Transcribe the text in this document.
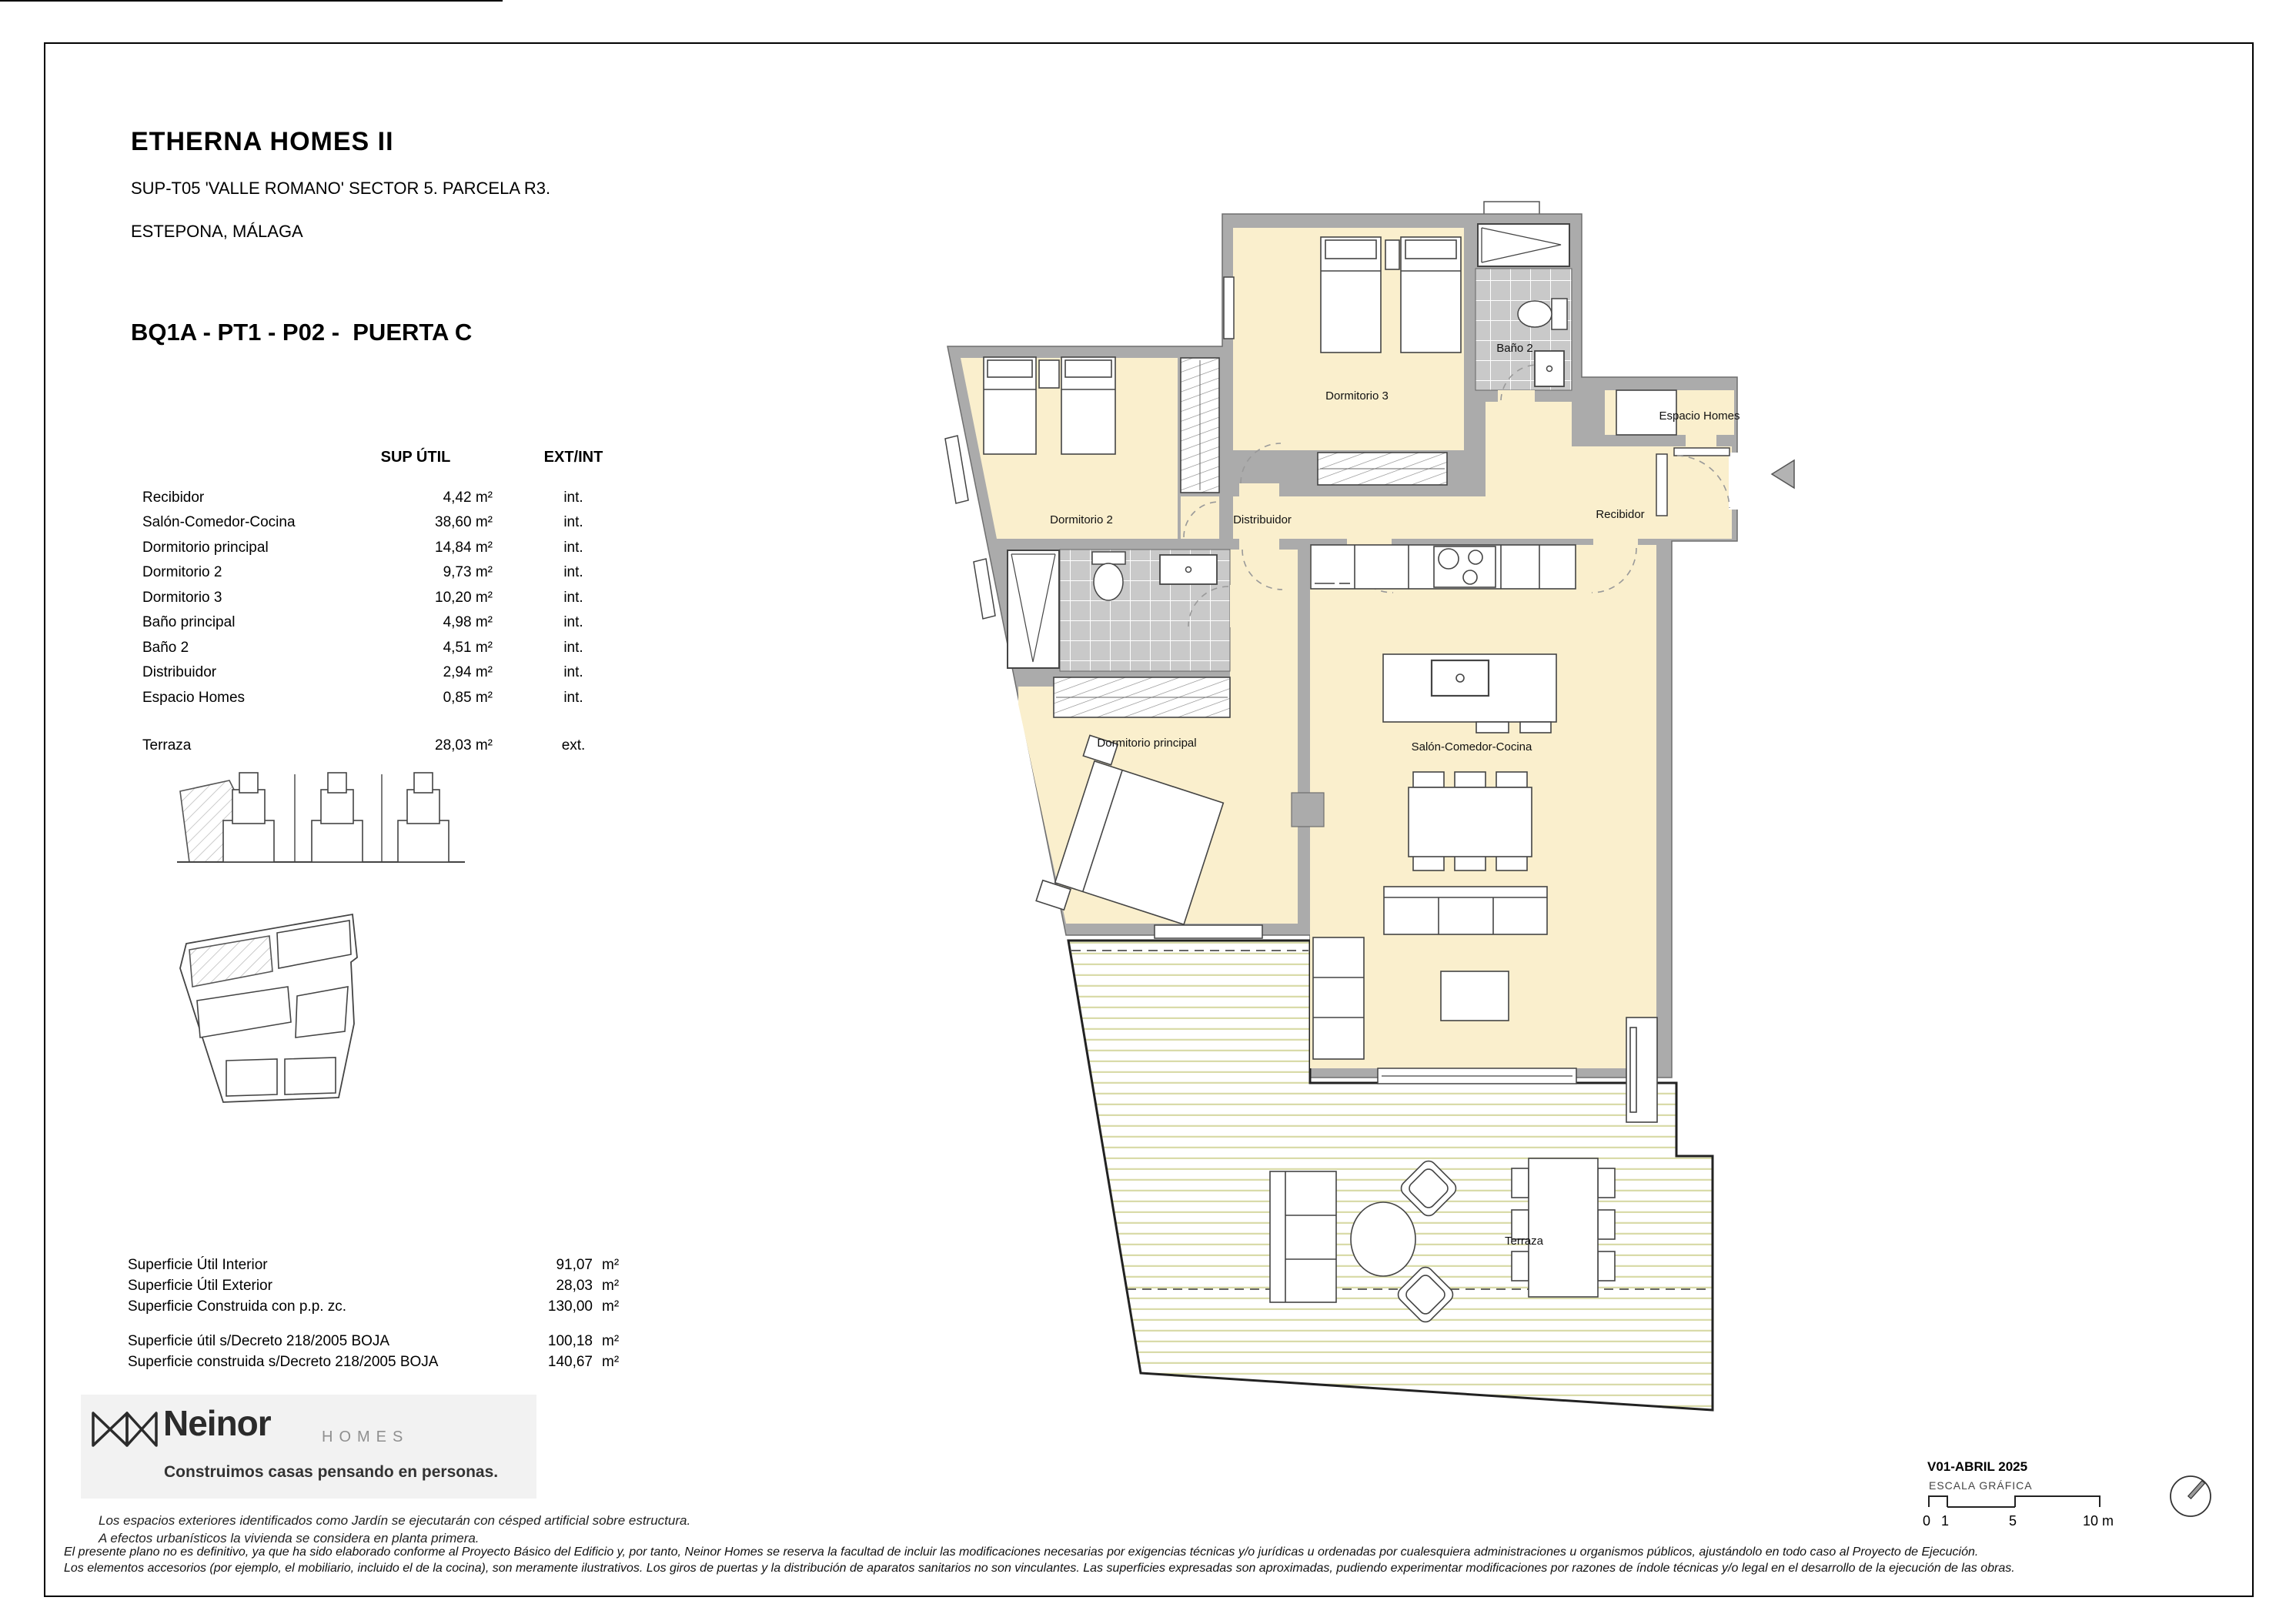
ETHERNA HOMES II
SUP-T05 'VALLE ROMANO' SECTOR 5. PARCELA R3.
ESTEPONA, MÁLAGA
BQ1A - PT1 - P02 -  PUERTA C
SUP ÚTIL	EXT/INT
Recibidor	4,42 m²	int.
Salón-Comedor-Cocina	38,60 m²	int.
Dormitorio principal	14,84 m²	int.
Dormitorio 2	9,73 m²	int.
Dormitorio 3	10,20 m²	int.
Baño principal	4,98 m²	int.
Baño 2	4,51 m²	int.
Distribuidor	2,94 m²	int.
Espacio Homes	0,85 m²	int.
Terraza	28,03 m²	ext.
Superficie Útil Interior	91,07 m²
Superficie Útil Exterior	28,03 m²
Superficie Construida con p.p. zc.	130,00 m²
Superficie útil s/Decreto 218/2005 BOJA	100,18 m²
Superficie construida s/Decreto 218/2005 BOJA	140,67 m²
Neinor	HOMES
Construimos casas pensando en personas.
Los espacios exteriores identificados como Jardín se ejecutarán con césped artificial sobre estructura.
A efectos urbanísticos la vivienda se considera en planta primera.
El presente plano no es definitivo, ya que ha sido elaborado conforme al Proyecto Básico del Edificio y, por tanto, Neinor Homes se reserva la facultad de incluir las modificaciones necesarias por exigencias técnicas y/o jurídicas u ordenadas por cualesquiera administraciones u organismos públicos, ajustándolo en todo caso al Proyecto de Ejecución.
Los elementos accesorios (por ejemplo, el mobiliario, incluido el de la cocina), son meramente ilustrativos. Los giros de puertas y la distribución de aparatos sanitarios no son vinculantes. Las superficies expresadas son aproximadas, pudiendo experimentar modificaciones por razones de índole técnicas y/o legal en el desarrollo de la ejecución de las obras.
V01-ABRIL 2025
ESCALA GRÁFICA
0 1	5	10 m
Dormitorio 3
Baño 2
Espacio Homes
Dormitorio 2	Distribuidor	Recibidor
Dormitorio principal	Salón-Comedor-Cocina
Terraza
